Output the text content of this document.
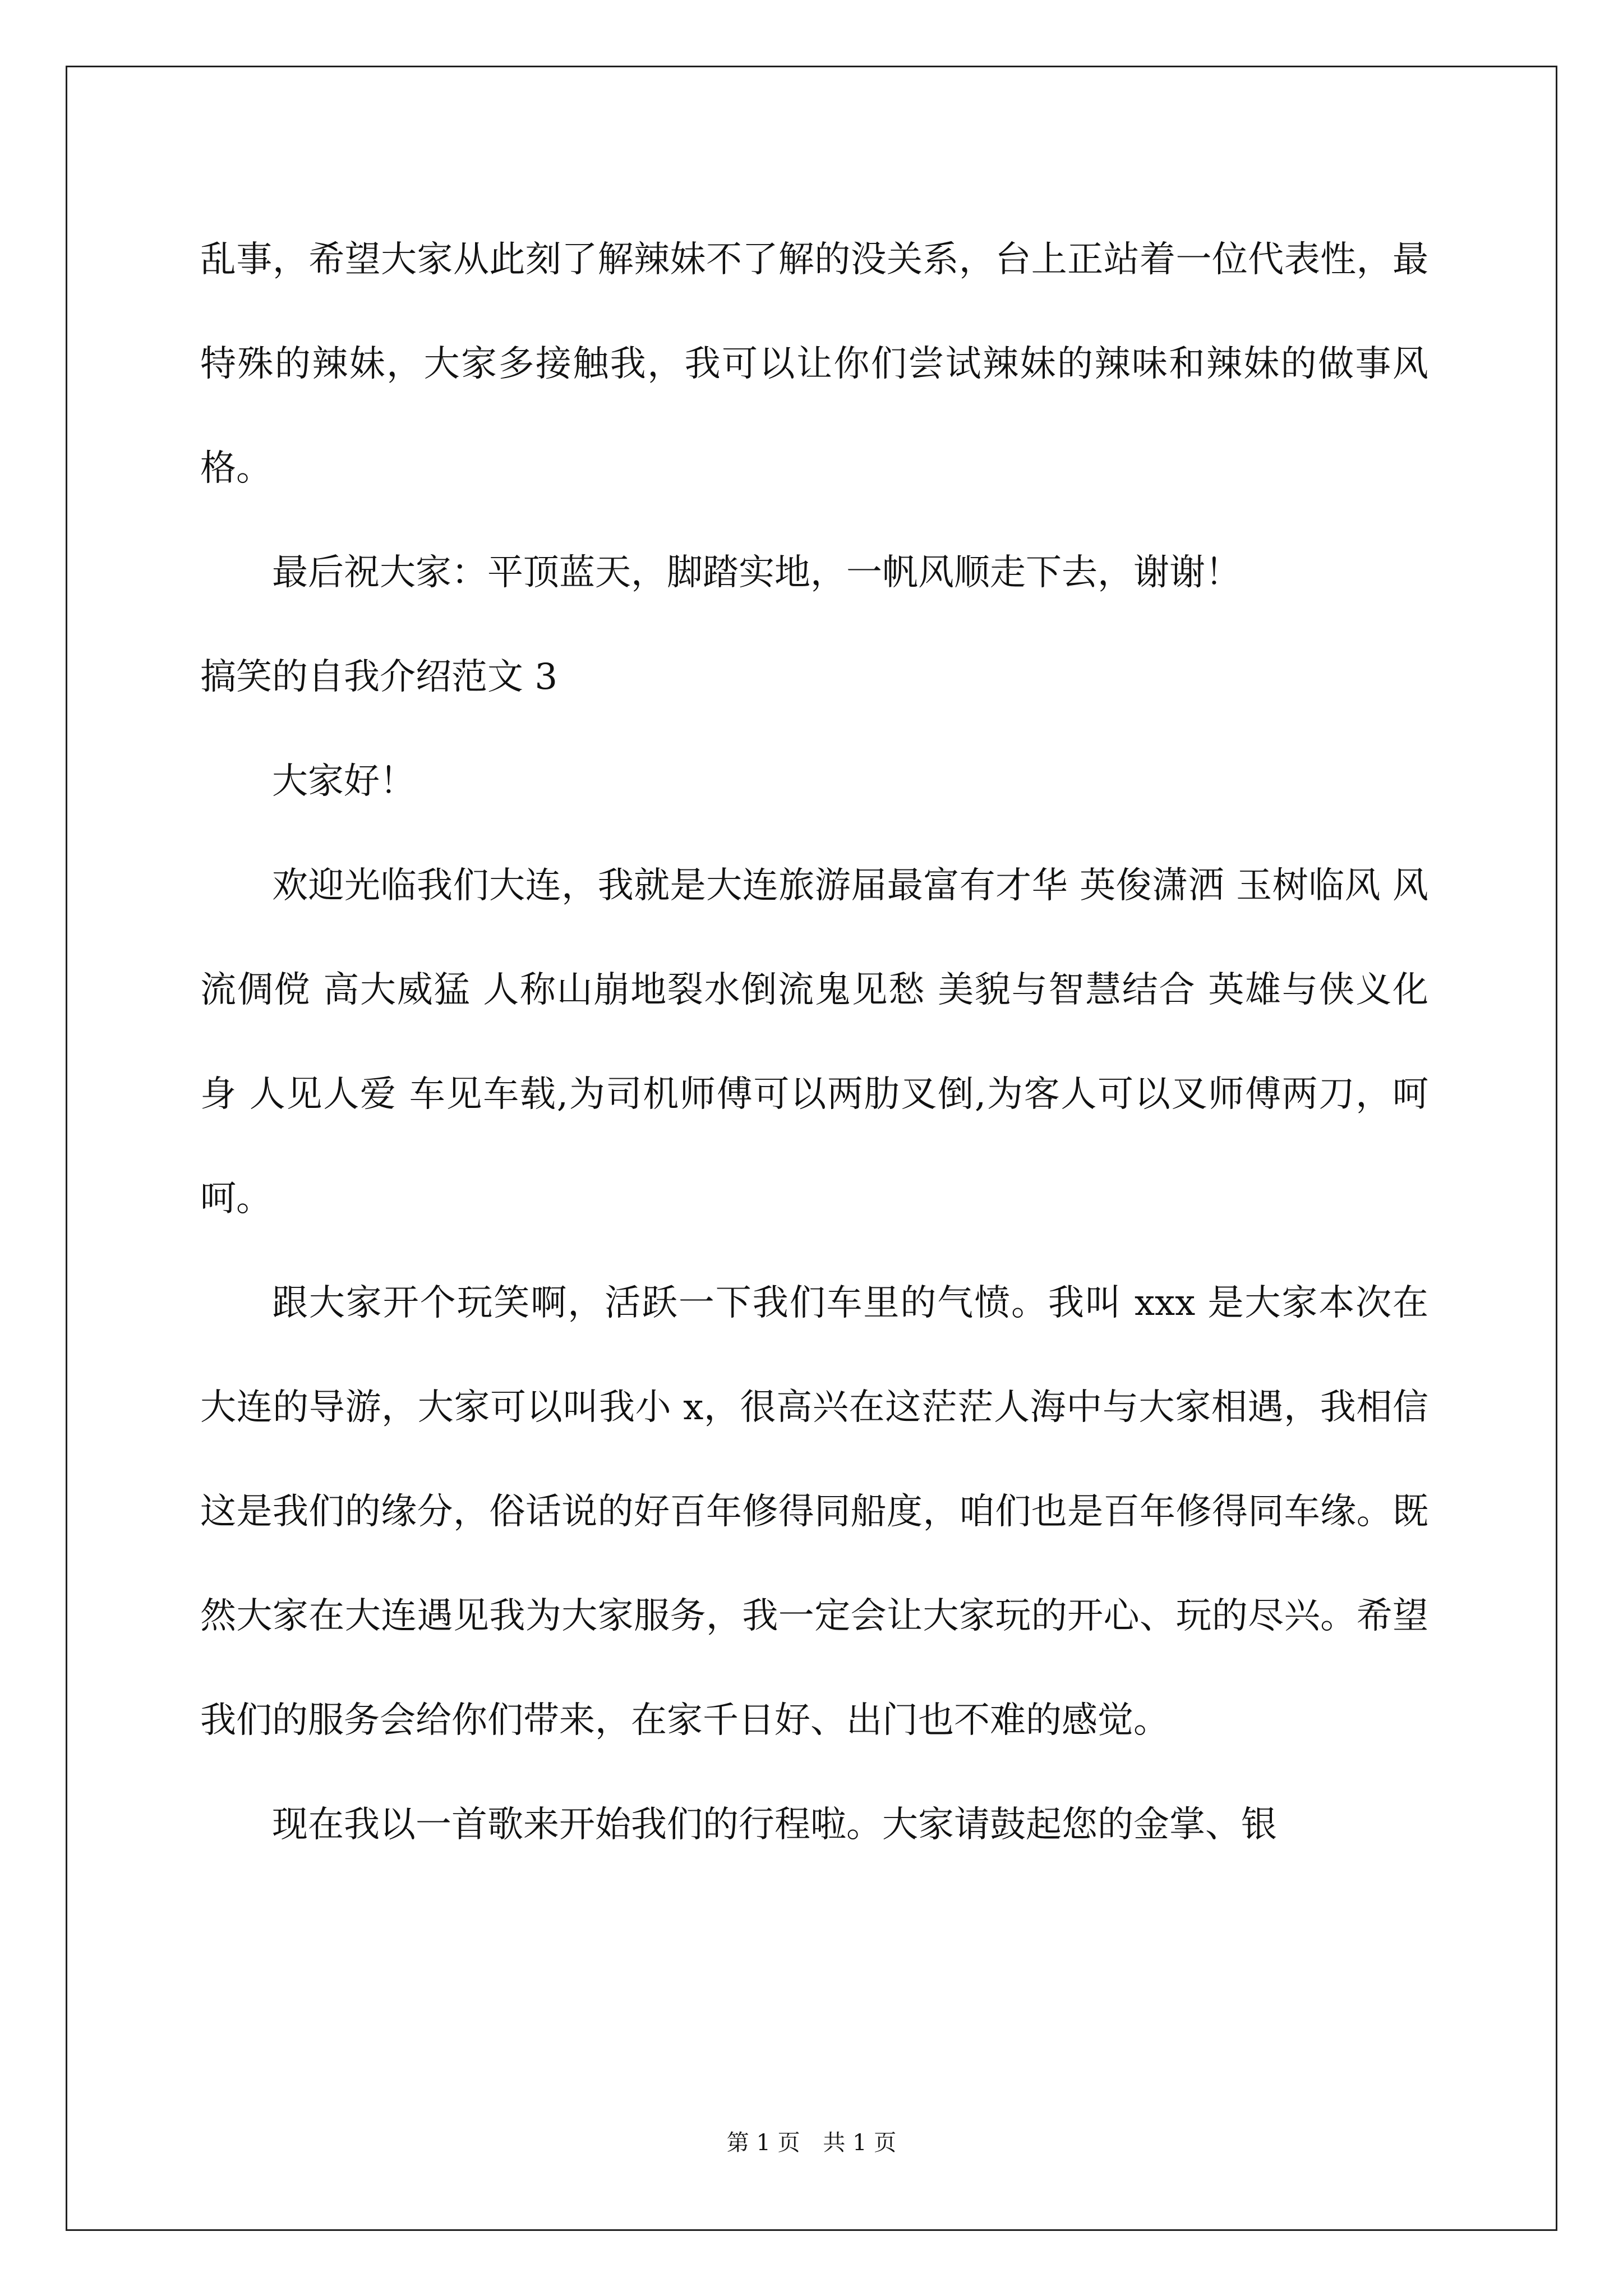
乱事，希望大家从此刻了解辣妹不了解的没关系，台上正站着一位代表性，最特殊的辣妹，大家多接触我，我可以让你们尝试辣妹的辣味和辣妹的做事风格。

最后祝大家：平顶蓝天，脚踏实地，一帆风顺走下去，谢谢！

搞笑的自我介绍范文 3

大家好！

欢迎光临我们大连，我就是大连旅游届最富有才华 英俊潇洒 玉树临风 风流倜傥 高大威猛 人称山崩地裂水倒流鬼见愁 美貌与智慧结合 英雄与侠义化身 人见人爱 车见车载,为司机师傅可以两肋叉倒,为客人可以叉师傅两刀，呵呵。

跟大家开个玩笑啊，活跃一下我们车里的气愤。我叫 xxx 是大家本次在大连的导游，大家可以叫我小 x，很高兴在这茫茫人海中与大家相遇，我相信这是我们的缘分，俗话说的好百年修得同船度，咱们也是百年修得同车缘。既然大家在大连遇见我为大家服务，我一定会让大家玩的开心、玩的尽兴。希望我们的服务会给你们带来，在家千日好、出门也不难的感觉。

现在我以一首歌来开始我们的行程啦。大家请鼓起您的金掌、银

第 1 页 共 1 页
